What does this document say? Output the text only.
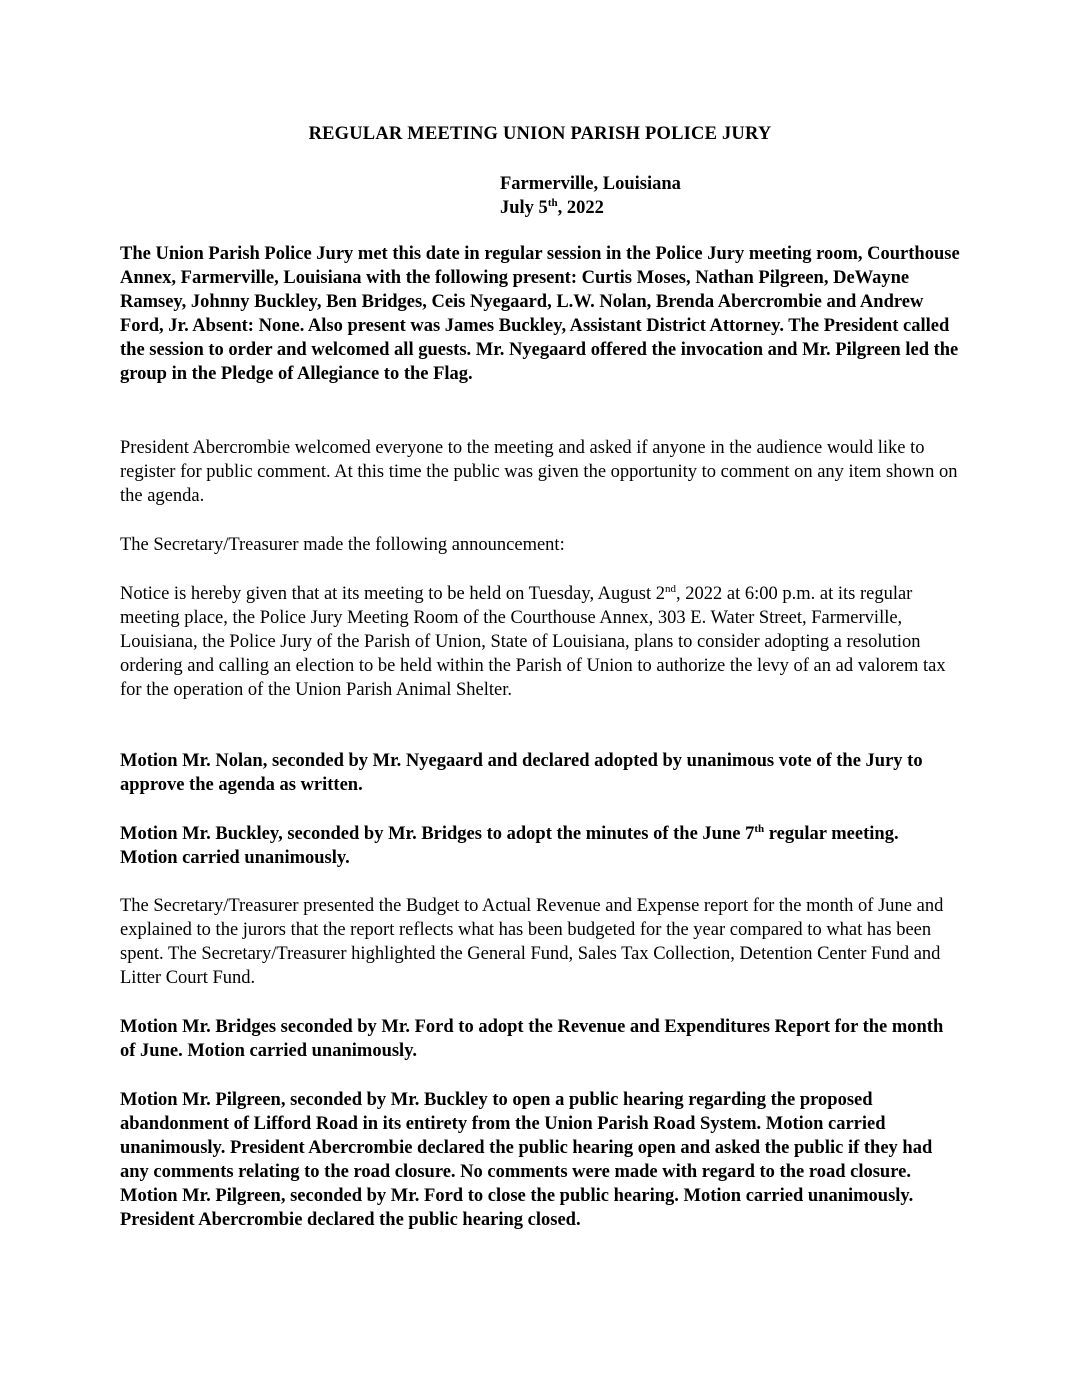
REGULAR MEETING UNION PARISH POLICE JURY
Farmerville, Louisiana
July 5th, 2022

The Union Parish Police Jury met this date in regular session in the Police Jury meeting room, Courthouse Annex, Farmerville, Louisiana with the following present: Curtis Moses, Nathan Pilgreen, DeWayne Ramsey, Johnny Buckley, Ben Bridges, Ceis Nyegaard, L.W. Nolan, Brenda Abercrombie and Andrew Ford, Jr. Absent: None. Also present was James Buckley, Assistant District Attorney. The President called the session to order and welcomed all guests. Mr. Nyegaard offered the invocation and Mr. Pilgreen led the group in the Pledge of Allegiance to the Flag.

President Abercrombie welcomed everyone to the meeting and asked if anyone in the audience would like to register for public comment. At this time the public was given the opportunity to comment on any item shown on the agenda.

The Secretary/Treasurer made the following announcement:

Notice is hereby given that at its meeting to be held on Tuesday, August 2nd, 2022 at 6:00 p.m. at its regular meeting place, the Police Jury Meeting Room of the Courthouse Annex, 303 E. Water Street, Farmerville, Louisiana, the Police Jury of the Parish of Union, State of Louisiana, plans to consider adopting a resolution ordering and calling an election to be held within the Parish of Union to authorize the levy of an ad valorem tax for the operation of the Union Parish Animal Shelter.

Motion Mr. Nolan, seconded by Mr. Nyegaard and declared adopted by unanimous vote of the Jury to approve the agenda as written.

Motion Mr. Buckley, seconded by Mr. Bridges to adopt the minutes of the June 7th regular meeting. Motion carried unanimously.

The Secretary/Treasurer presented the Budget to Actual Revenue and Expense report for the month of June and explained to the jurors that the report reflects what has been budgeted for the year compared to what has been spent. The Secretary/Treasurer highlighted the General Fund, Sales Tax Collection, Detention Center Fund and Litter Court Fund.

Motion Mr. Bridges seconded by Mr. Ford to adopt the Revenue and Expenditures Report for the month of June. Motion carried unanimously.

Motion Mr. Pilgreen, seconded by Mr. Buckley to open a public hearing regarding the proposed abandonment of Lifford Road in its entirety from the Union Parish Road System. Motion carried unanimously. President Abercrombie declared the public hearing open and asked the public if they had any comments relating to the road closure. No comments were made with regard to the road closure. Motion Mr. Pilgreen, seconded by Mr. Ford to close the public hearing. Motion carried unanimously. President Abercrombie declared the public hearing closed.
